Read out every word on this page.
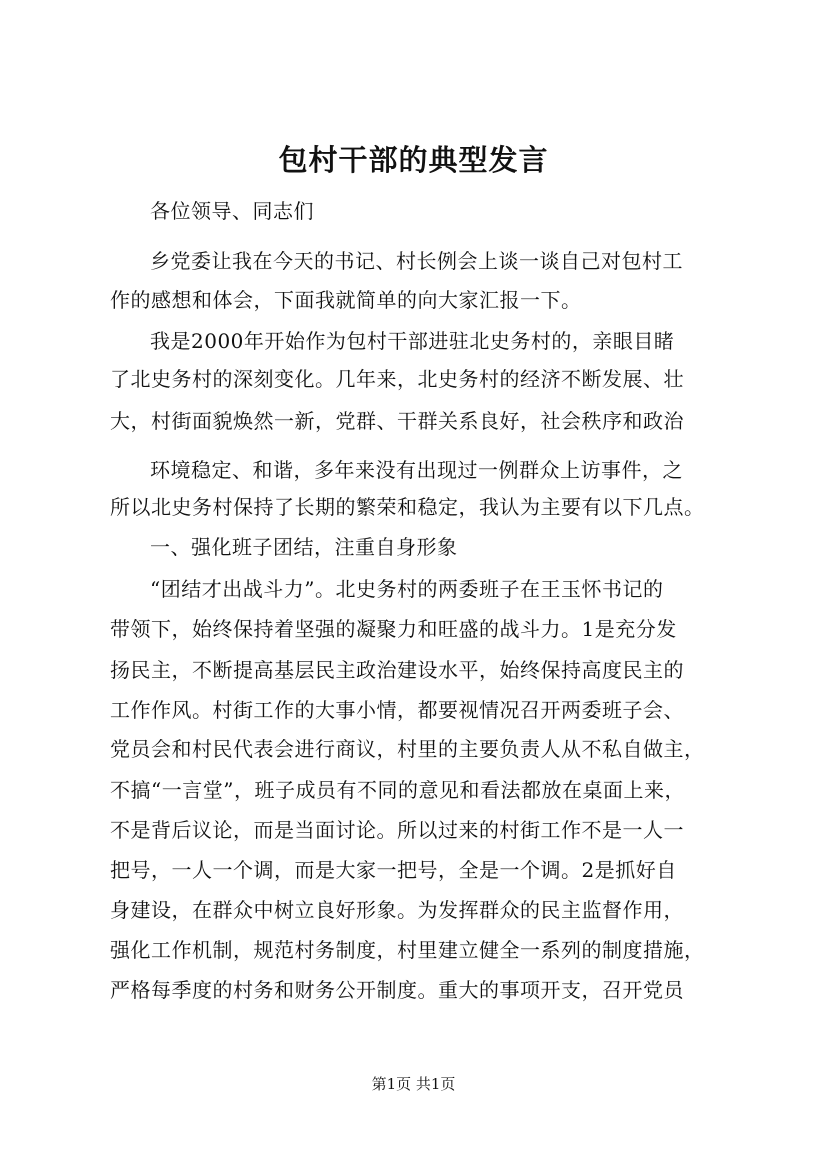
包村干部的典型发言

各位领导、同志们

乡党委让我在今天的书记、村长例会上谈一谈自己对包村工

作的感想和体会，下面我就简单的向大家汇报一下。

我是2000年开始作为包村干部进驻北史务村的，亲眼目睹

了北史务村的深刻变化。几年来，北史务村的经济不断发展、壮

大，村街面貌焕然一新，党群、干群关系良好，社会秩序和政治

环境稳定、和谐，多年来没有出现过一例群众上访事件，之

所以北史务村保持了长期的繁荣和稳定，我认为主要有以下几点。

一、强化班子团结，注重自身形象

“团结才出战斗力”。北史务村的两委班子在王玉怀书记的

带领下，始终保持着坚强的凝聚力和旺盛的战斗力。1是充分发

扬民主，不断提高基层民主政治建设水平，始终保持高度民主的

工作作风。村街工作的大事小情，都要视情况召开两委班子会、

党员会和村民代表会进行商议，村里的主要负责人从不私自做主，

不搞“一言堂”，班子成员有不同的意见和看法都放在桌面上来，

不是背后议论，而是当面讨论。所以过来的村街工作不是一人一

把号，一人一个调，而是大家一把号，全是一个调。2是抓好自

身建设，在群众中树立良好形象。为发挥群众的民主监督作用，

强化工作机制，规范村务制度，村里建立健全一系列的制度措施，

严格每季度的村务和财务公开制度。重大的事项开支，召开党员

第1页 共1页
